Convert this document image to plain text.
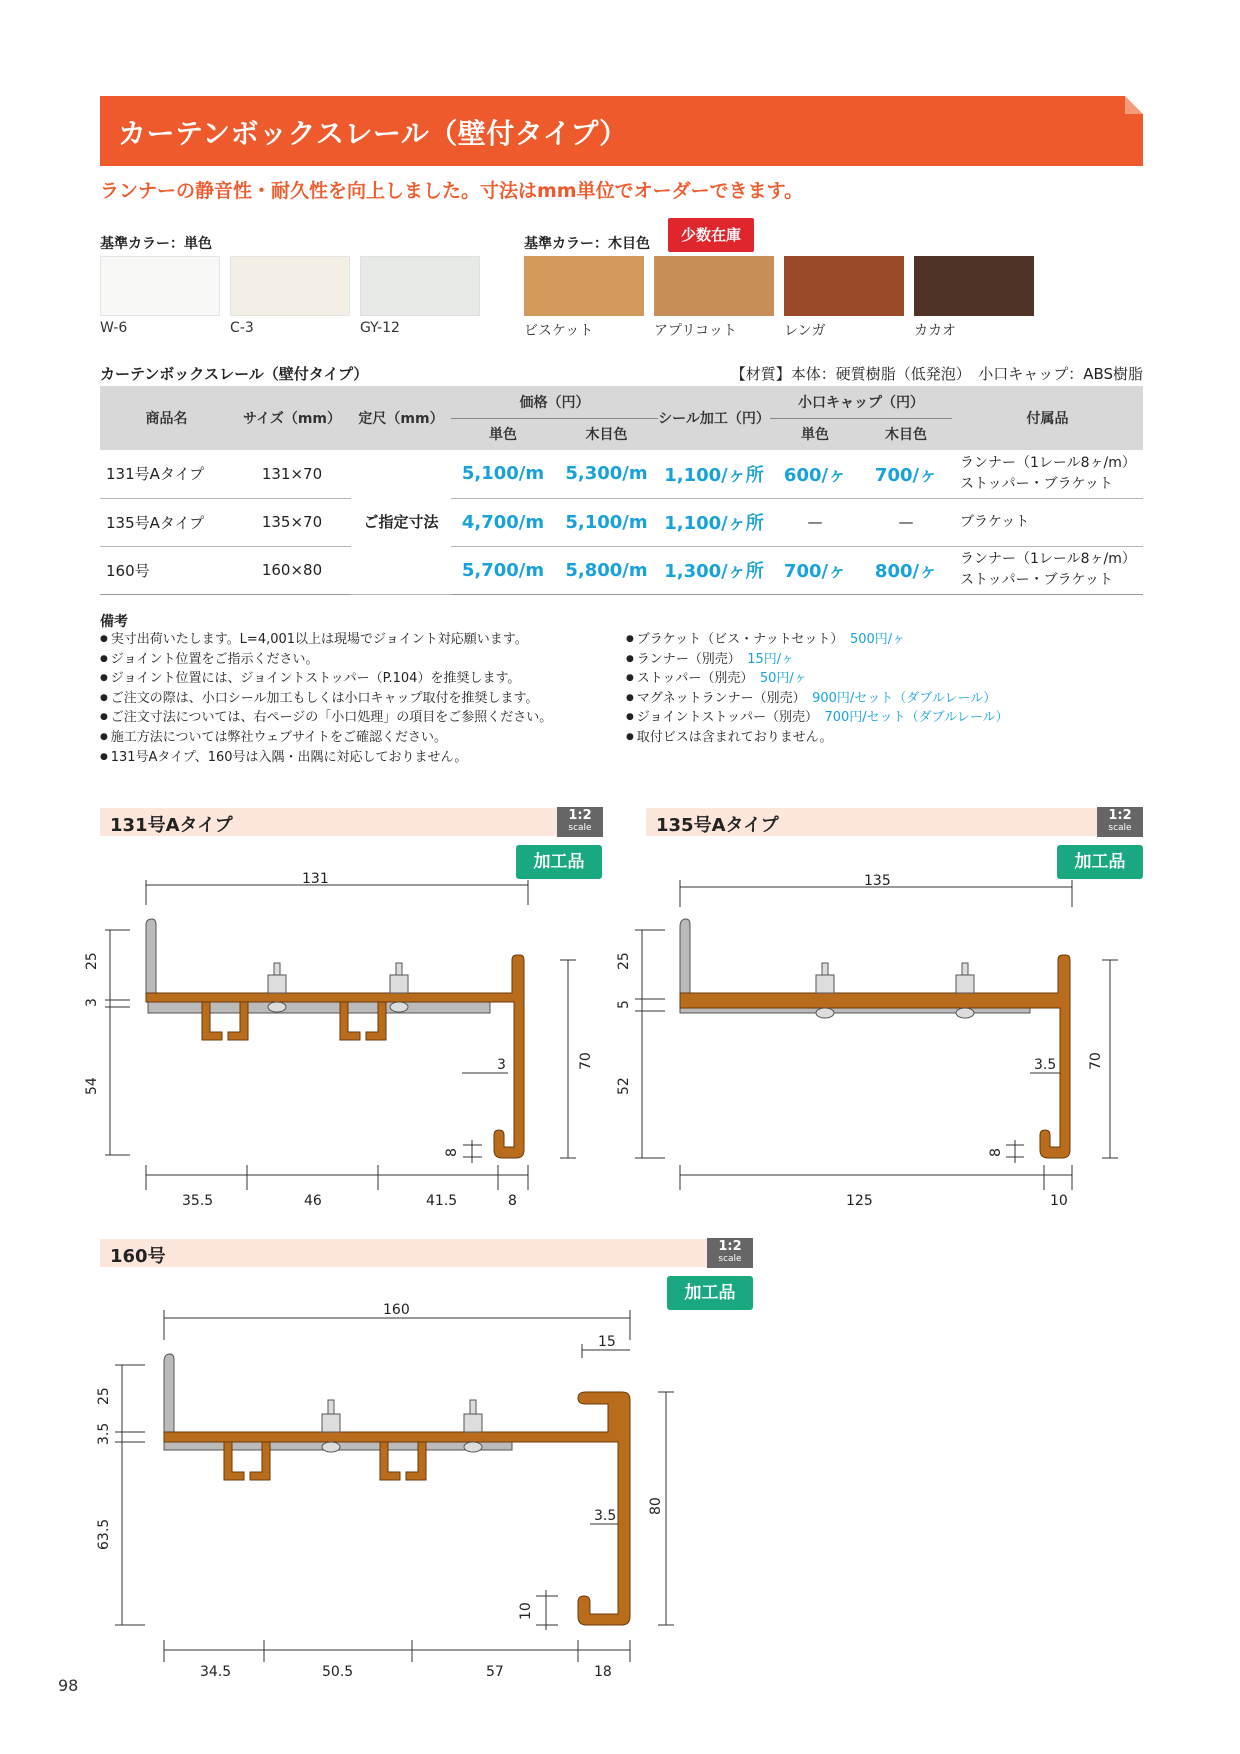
カーテンボックスレール（壁付タイプ）
ランナーの静音性・耐久性を向上しました。寸法はmm単位でオーダーできます。
基準カラー：単色	基準カラー：木目色	少数在庫
W-6	C-3	GY-12	ビスケット	アプリコット	レンガ	カカオ
カーテンボックスレール（壁付タイプ）	【材質】本体：硬質樹脂（低発泡）　小口キャップ：ABS樹脂
商品名	サイズ（mm）	定尺（mm）	価格（円）		シール加工（円）	小口キャップ（円）		付属品
			単色	木目色		単色	木目色	
131号Aタイプ	131×70	ご指定寸法	5,100/m	5,300/m	1,100/ヶ所	600/ヶ	700/ヶ	ランナー（1レール8ヶ/m）
ストッパー・ブラケット

135号Aタイプ	135×70		4,700/m	5,100/m	1,100/ヶ所	—	—	ブラケット

160号	160×80		5,700/m	5,800/m	1,300/ヶ所	700/ヶ	800/ヶ	ランナー（1レール8ヶ/m）
ストッパー・ブラケット
備考
● 実寸出荷いたします。L=4,001以上は現場でジョイント対応願います。
● ジョイント位置をご指示ください。
● ジョイント位置には、ジョイントストッパー（P.104）を推奨します。
● ご注文の際は、小口シール加工もしくは小口キャップ取付を推奨します。
● ご注文寸法については、右ページの「小口処理」の項目をご参照ください。
● 施工方法については弊社ウェブサイトをご確認ください。
● 131号Aタイプ、160号は入隅・出隅に対応しておりません。
● ブラケット（ビス・ナットセット）　 500円/ヶ
● ランナー（別売）　 15円/ヶ
● ストッパー（別売）　 50円/ヶ
● マグネットランナー（別売）　 900円/セット（ダブルレール）
● ジョイントストッパー（別売）　 700円/セット（ダブルレール）
● 取付ビスは含まれておりません。
131号Aタイプ	1:2
scale
加工品
131
25
3
54
70
3
8
35.5	46	41.5	8
135号Aタイプ	1:2
scale
加工品
135
25
5
52
70
3.5
8
125	10
160号	1:2
scale
加工品
160
15
25
3.5
63.5
80
3.5
10
34.5	50.5	57	18
98
